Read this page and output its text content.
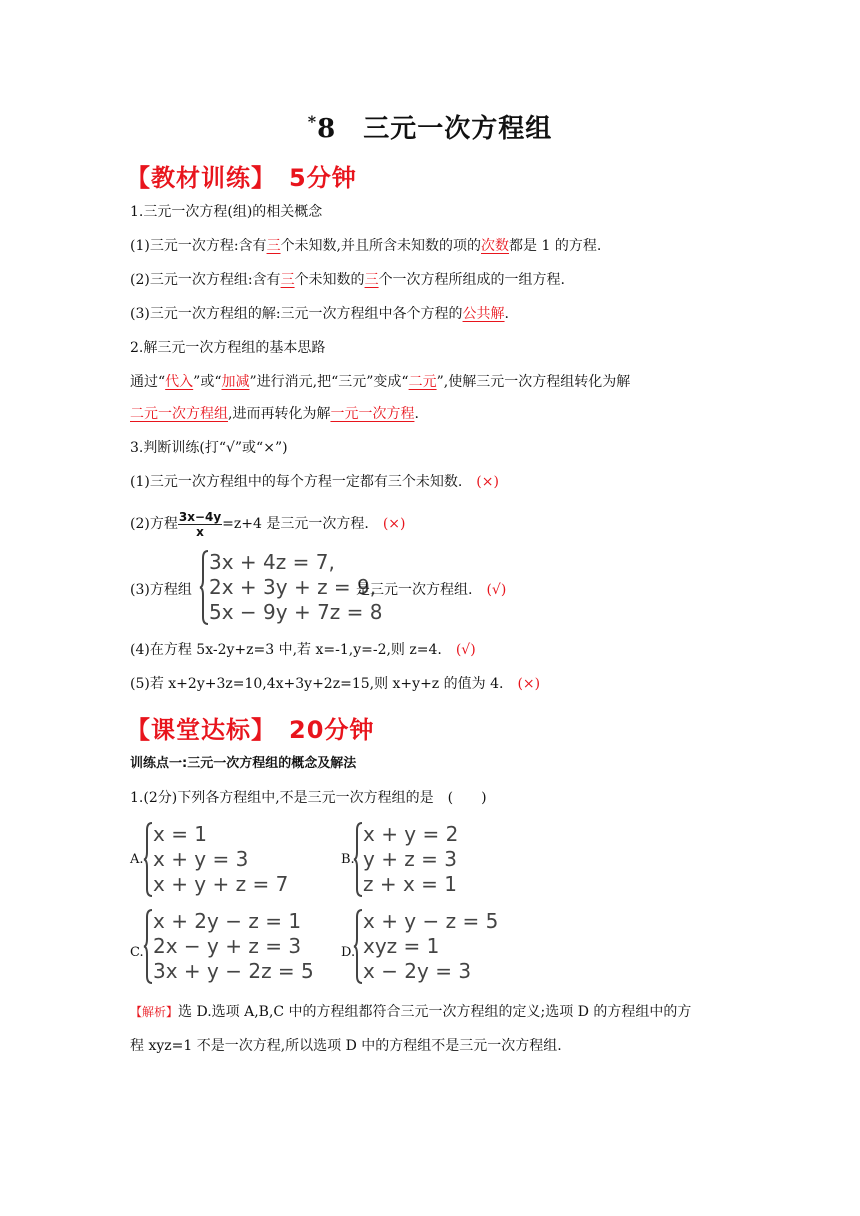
*8　三元一次方程组
【教材训练】　5分钟
1.三元一次方程(组)的相关概念
(1)三元一次方程:含有三个未知数,并且所含未知数的项的次数都是 1 的方程.
(2)三元一次方程组:含有三个未知数的三个一次方程所组成的一组方程.
(3)三元一次方程组的解:三元一次方程组中各个方程的公共解.
2.解三元一次方程组的基本思路
通过“代入”或“加减”进行消元,把“三元”变成“二元”,使解三元一次方程组转化为解
二元一次方程组,进而再转化为解一元一次方程.
3.判断训练(打“√”或“×”)
(1)三元一次方程组中的每个方程一定都有三个未知数.　 (×)
(2)方程 $\frac{3x-4y}{x} =z+4$ 是三元一次方程.　 (×)
(3)方程组
3x + 4z = 7,
2x + 3y + z = 9,
5x − 9y + 7z = 8
是三元一次方程组.　 (√)
(4)在方程 5x-2y+z=3 中,若 x=-1,y=-2,则 z=4.　 (√)
(5)若 x+2y+3z=10,4x+3y+2z=15,则 x+y+z 的值为 4.　 (×)
【课堂达标】　20分钟
训练点一:三元一次方程组的概念及解法
1.(2分)下列各方程组中,不是三元一次方程组的是　(　　)
A.
x = 1
x + y = 3
x + y + z = 7
B.
x + y = 2
y + z = 3
z + x = 1
C.
x + 2y − z = 1
2x − y + z = 3
3x + y − 2z = 5
D.
x + y − z = 5
xyz = 1
x − 2y = 3
【解析】选 D.选项 A,B,C 中的方程组都符合三元一次方程组的定义;选项 D 的方程组中的方
程 xyz=1 不是一次方程,所以选项 D 中的方程组不是三元一次方程组.
